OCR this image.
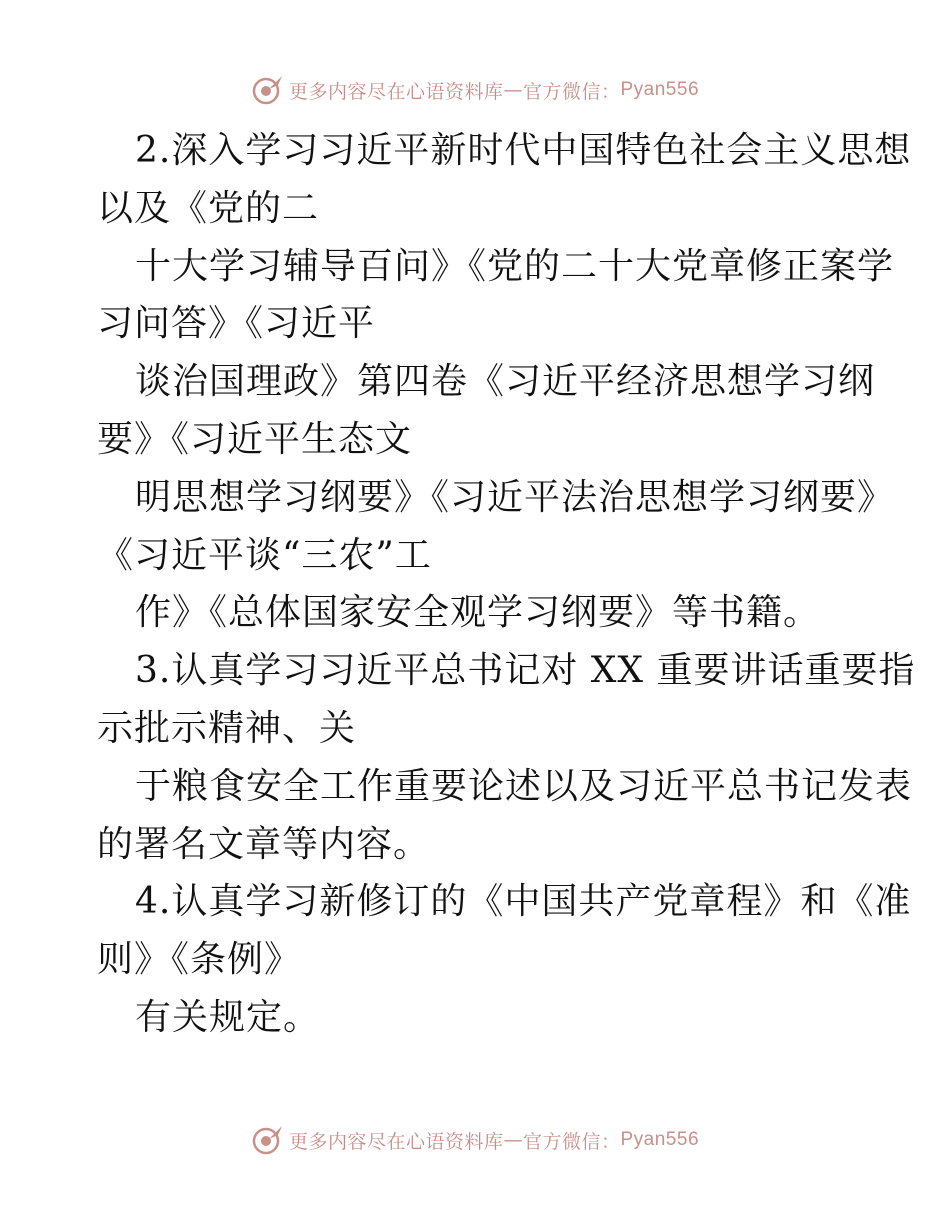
更多内容尽在心语资料库 — 官方微信： Pyan556
2.深入学习习近平新时代中国特色社会主义思想
以及《党的二
十大学习辅导百问》《党的二十大党章修正案学
习问答》《习近平
谈治国理政》第四卷《习近平经济思想学习纲
要》《习近平生态文
明思想学习纲要》《习近平法治思想学习纲要》
《习近平谈“三农”工
作》《总体国家安全观学习纲要》等书籍。
3.认真学习习近平总书记对 XX 重要讲话重要指
示批示精神、关
于粮食安全工作重要论述以及习近平总书记发表
的署名文章等内容。
4.认真学习新修订的《中国共产党章程》和《准
则》《条例》
有关规定。
更多内容尽在心语资料库 — 官方微信： Pyan556
